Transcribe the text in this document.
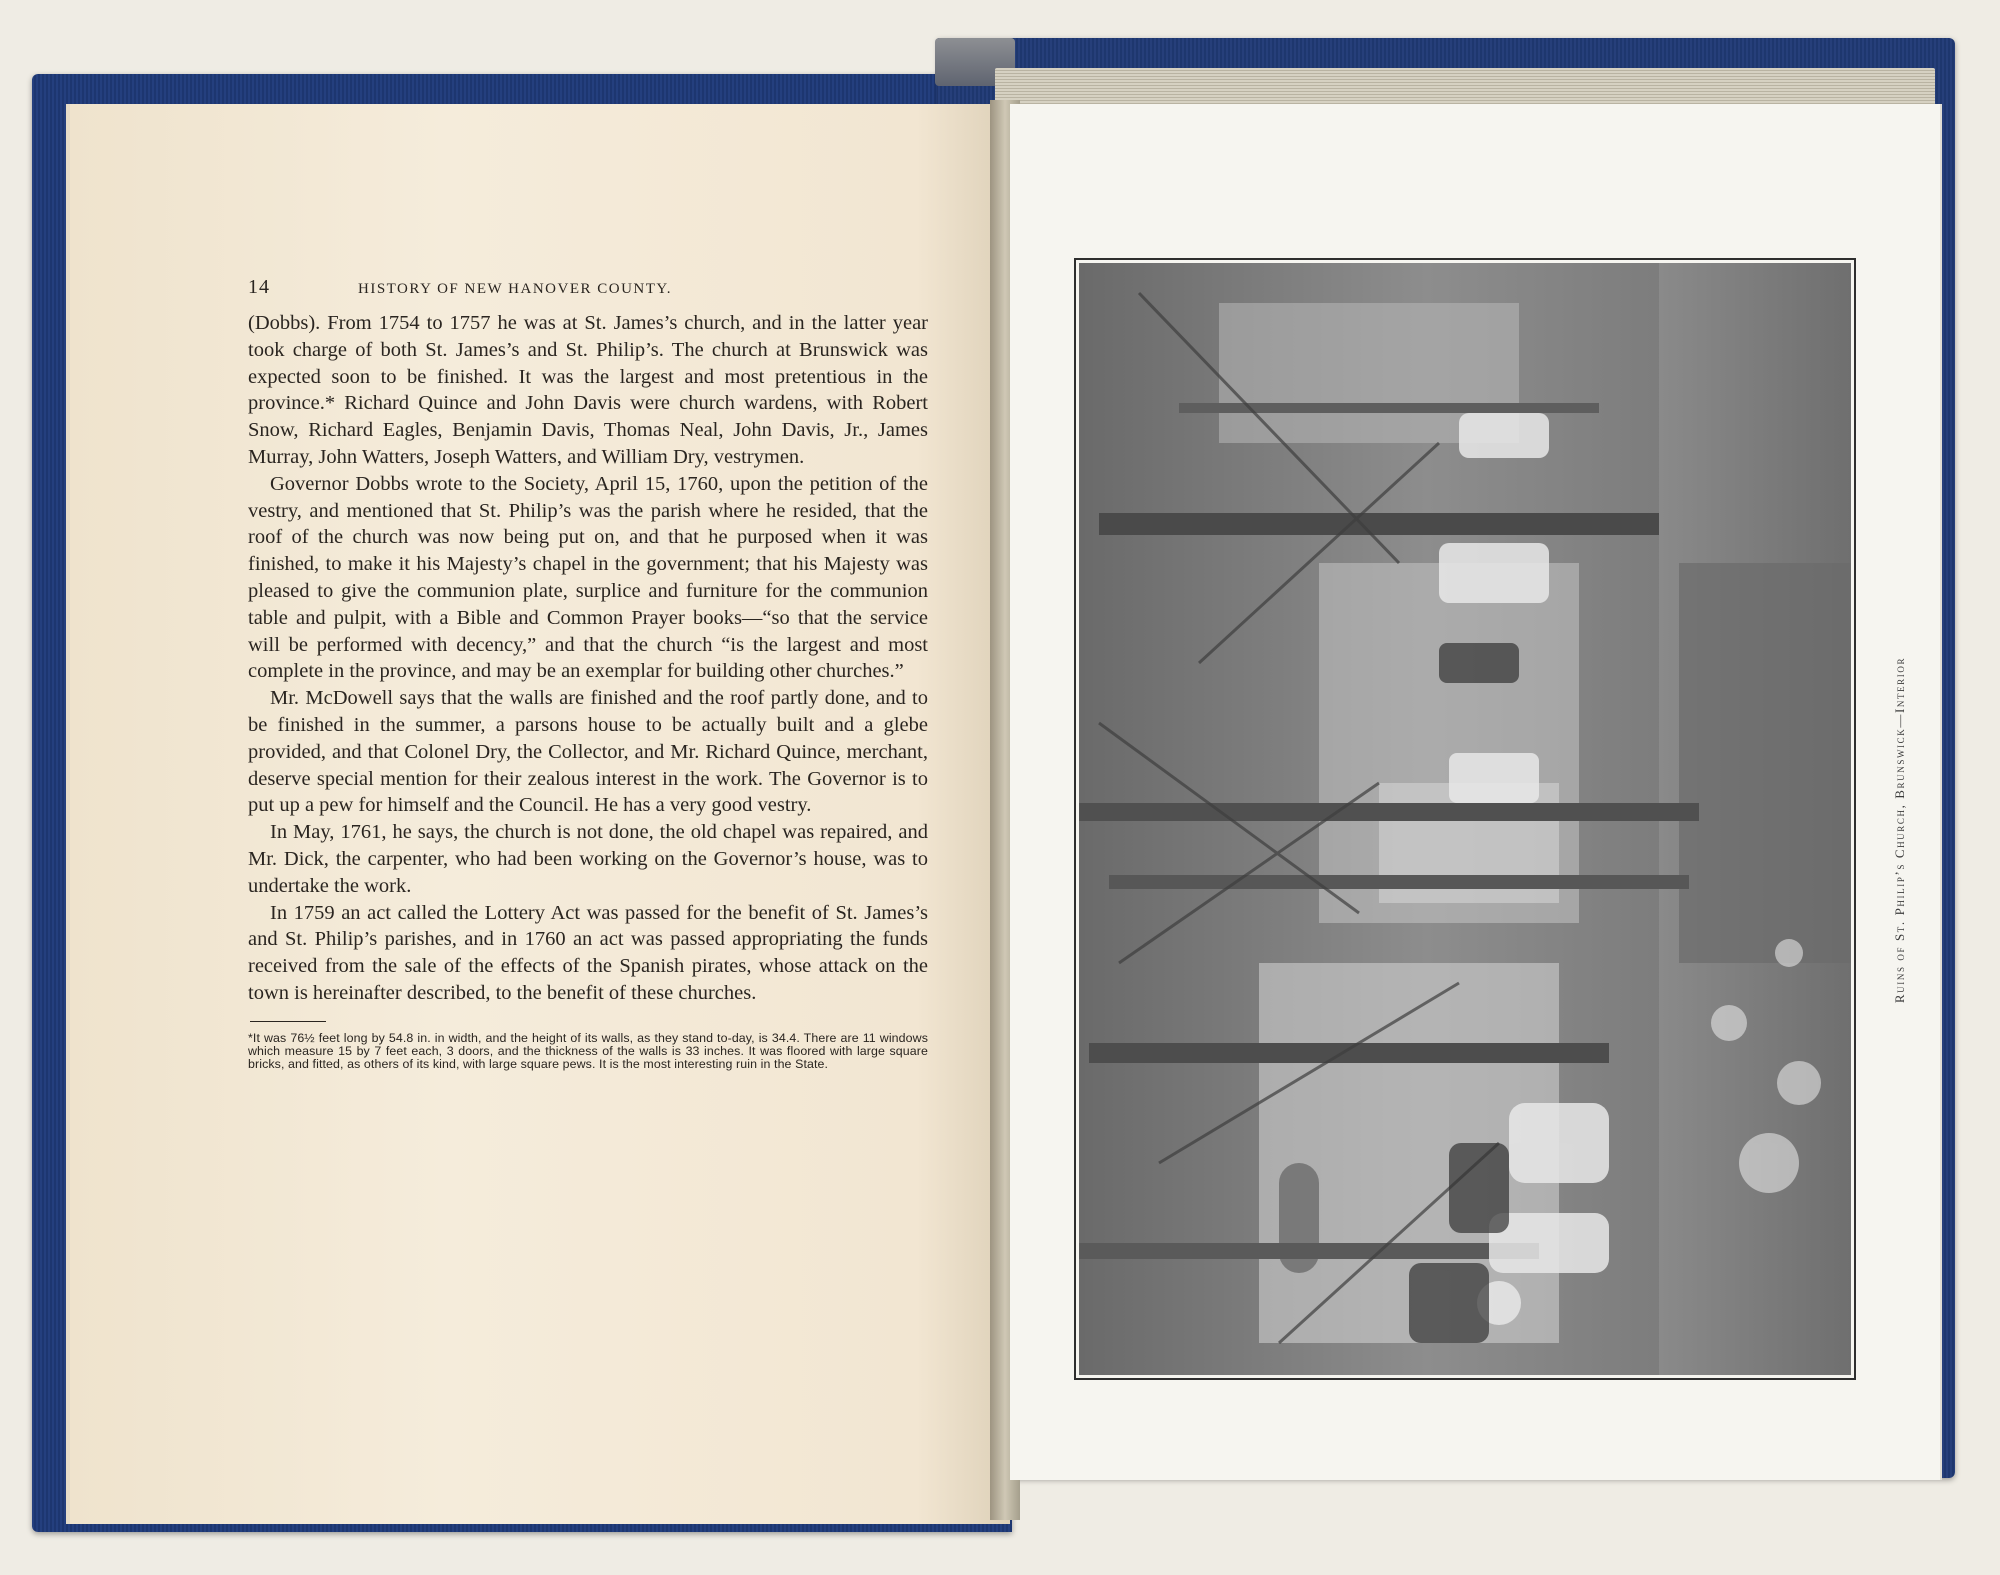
14	HISTORY OF NEW HANOVER COUNTY.

(Dobbs). From 1754 to 1757 he was at St. James’s church, and in the latter year took charge of both St. James’s and St. Philip’s. The church at Brunswick was expected soon to be finished. It was the largest and most pretentious in the province.* Richard Quince and John Davis were church wardens, with Robert Snow, Richard Eagles, Benjamin Davis, Thomas Neal, John Davis, Jr., James Murray, John Watters, Joseph Watters, and William Dry, vestrymen.

Governor Dobbs wrote to the Society, April 15, 1760, upon the petition of the vestry, and mentioned that St. Philip’s was the parish where he resided, that the roof of the church was now being put on, and that he purposed when it was finished, to make it his Majesty’s chapel in the government; that his Majesty was pleased to give the communion plate, surplice and furniture for the communion table and pulpit, with a Bible and Common Prayer books—“so that the service will be performed with decency,” and that the church “is the largest and most complete in the province, and may be an exemplar for building other churches.”

Mr. McDowell says that the walls are finished and the roof partly done, and to be finished in the summer, a parsons house to be actually built and a glebe provided, and that Colonel Dry, the Collector, and Mr. Richard Quince, merchant, deserve special mention for their zealous interest in the work. The Governor is to put up a pew for himself and the Council. He has a very good vestry.

In May, 1761, he says, the church is not done, the old chapel was repaired, and Mr. Dick, the carpenter, who had been working on the Governor’s house, was to undertake the work.

In 1759 an act called the Lottery Act was passed for the benefit of St. James’s and St. Philip’s parishes, and in 1760 an act was passed appropriating the funds received from the sale of the effects of the Spanish pirates, whose attack on the town is hereinafter described, to the benefit of these churches.

*It was 76½ feet long by 54.8 in. in width, and the height of its walls, as they stand to-day, is 34.4. There are 11 windows which measure 15 by 7 feet each, 3 doors, and the thickness of the walls is 33 inches. It was floored with large square bricks, and fitted, as others of its kind, with large square pews. It is the most interesting ruin in the State.
Ruins of St. Philip’s Church, Brunswick—Interior
